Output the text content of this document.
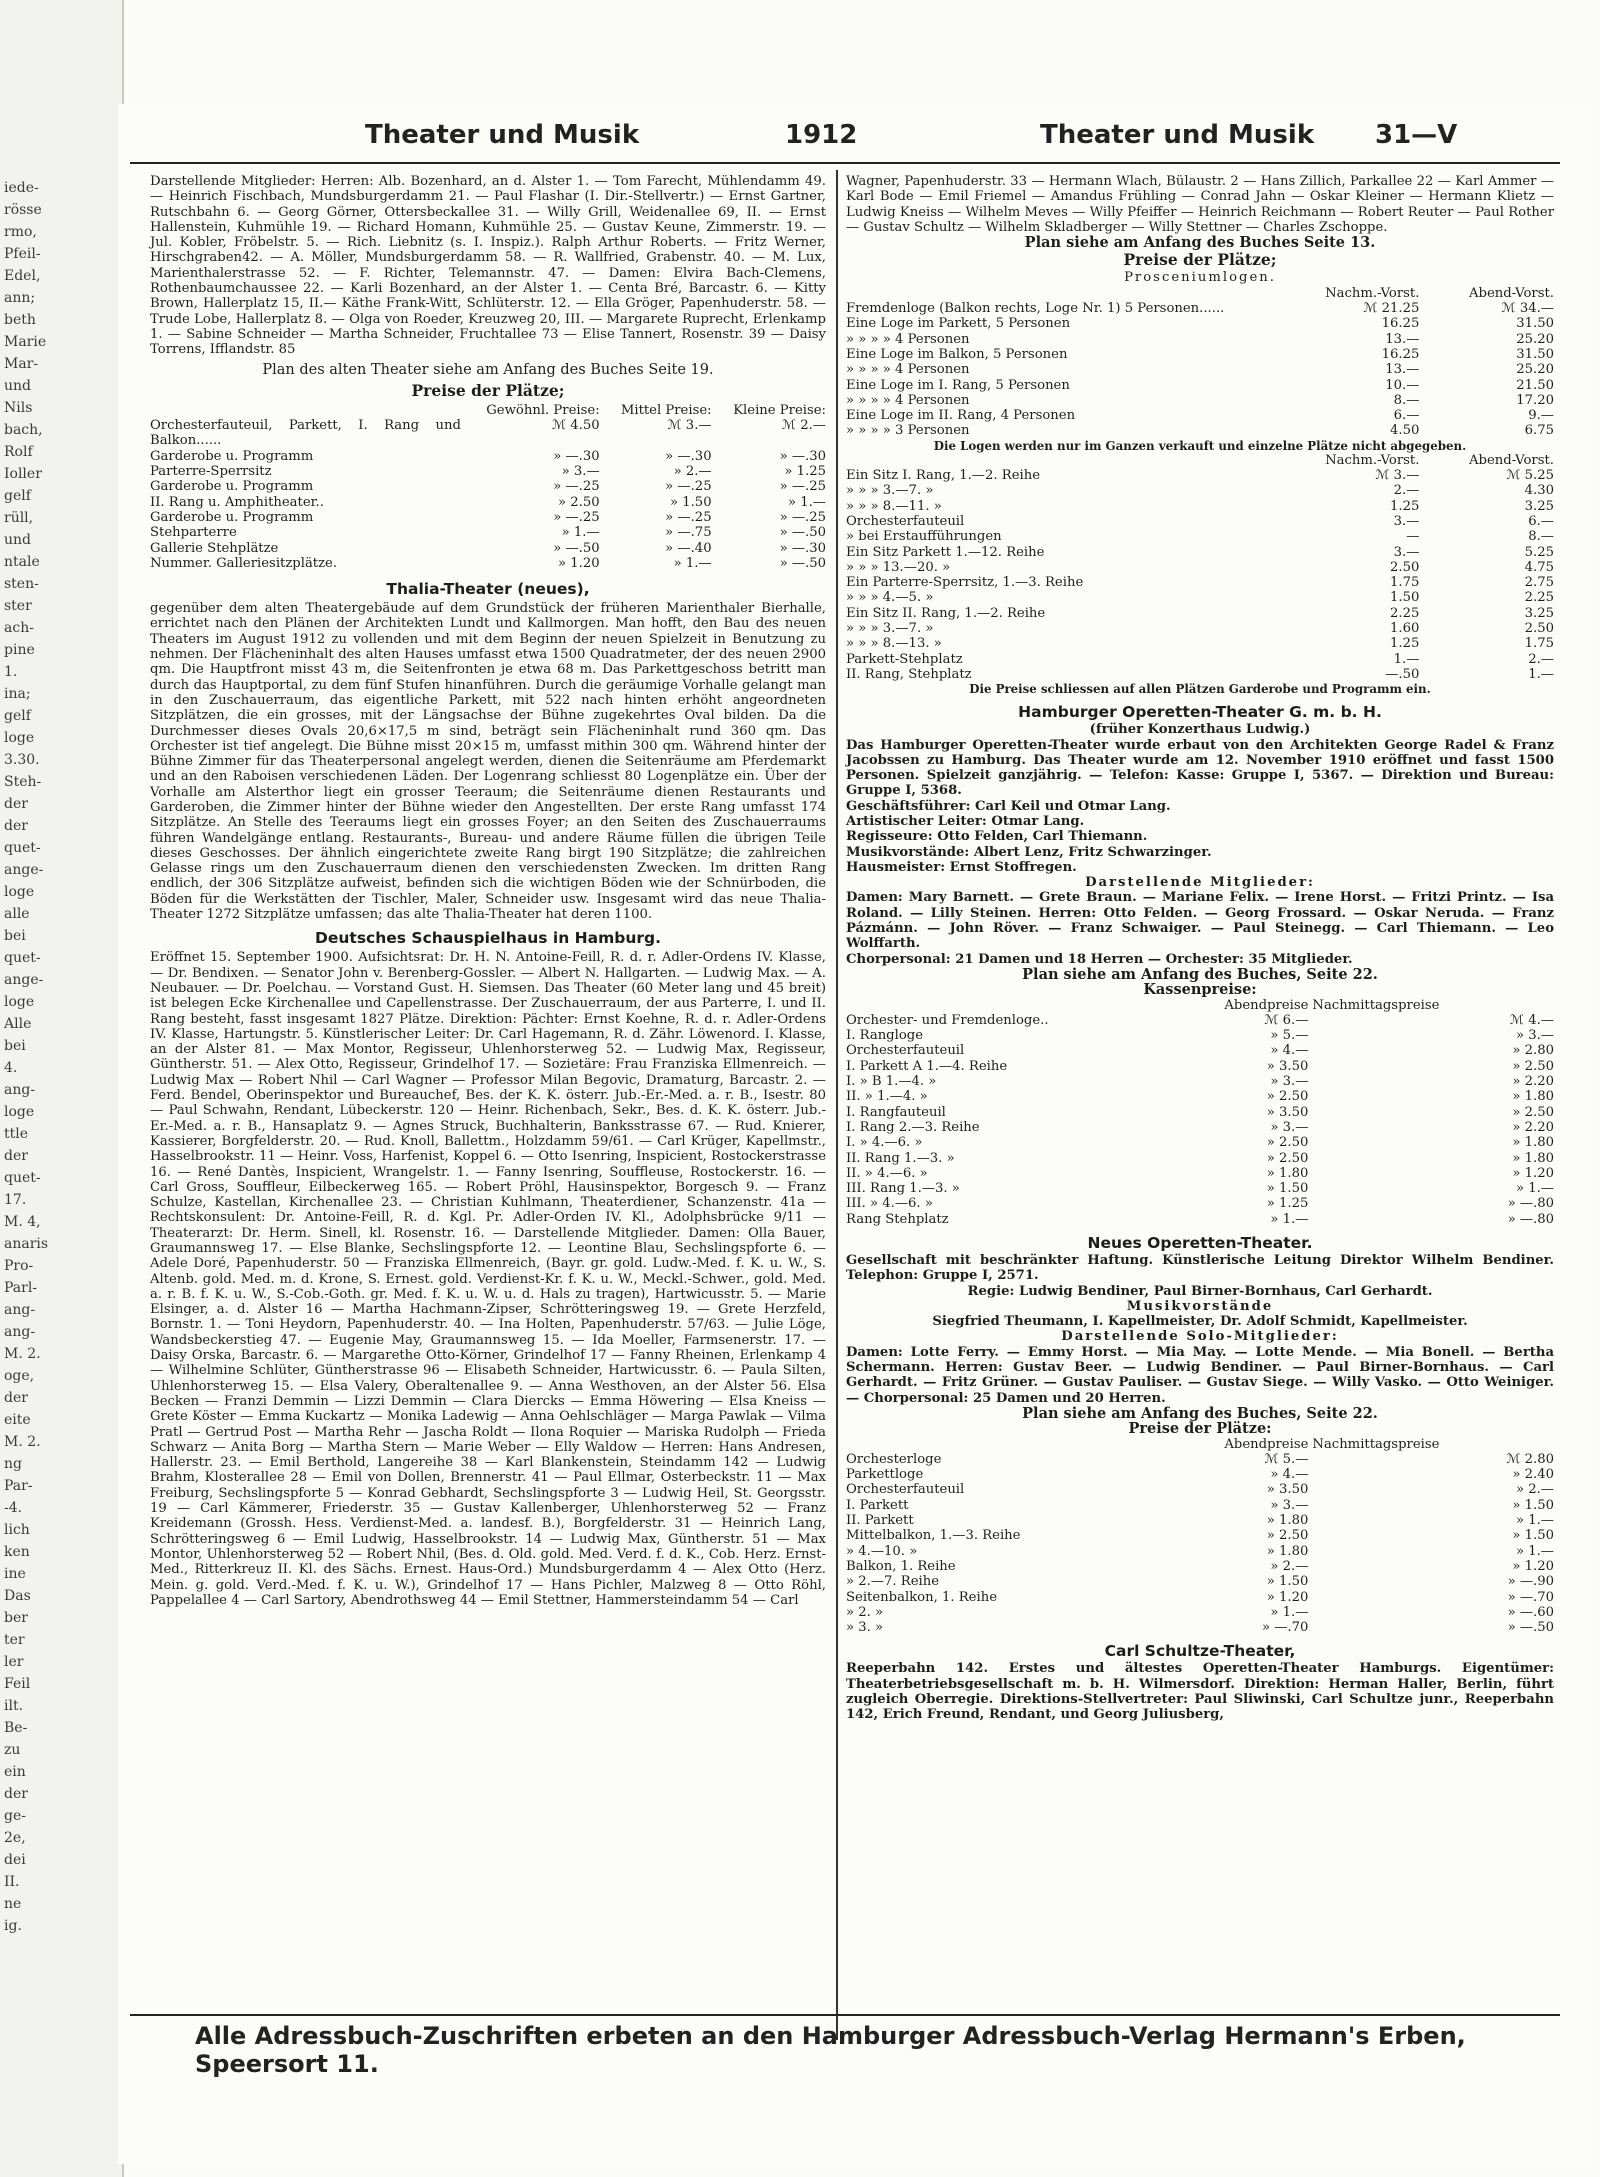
iede-
rösse
rmo,
Pfeil-
Edel,
ann;
beth
Marie
Mar-
und
Nils
bach,
Rolf
Ioller
gelf
rüll,
und
ntale
sten-
ster
ach-
pine
1.
ina;
gelf
loge
3.30.
Steh-
der
der
quet-
ange-
loge
alle
bei
quet-
ange-
loge
Alle
bei
4.
ang-
loge
ttle
der
quet-
17.
M. 4,
anaris
Pro-
Parl-
ang-
ang-
M. 2.
oge,
der
eite
M. 2.
ng
Par-
-4.
lich
ken
ine
Das
ber
ter
ler
Feil
ilt.
Be-
zu
ein
der
ge-
2e,
dei
II.
ne
ig.
Theater und Musik	1912	Theater und Musik 31—V

Darstellende Mitglieder: Herren: Alb. Bozenhard, an d. Alster 1. — Tom Farecht, Mühlendamm 49. — Heinrich Fischbach, Mundsburgerdamm 21. — Paul Flashar (I. Dir.-Stellvertr.) — Ernst Gartner, Rutschbahn 6. — Georg Görner, Ottersbeckallee 31. — Willy Grill, Weidenallee 69, II. — Ernst Hallenstein, Kuhmühle 19. — Richard Homann, Kuhmühle 25. — Gustav Keune, Zimmerstr. 19. — Jul. Kobler, Fröbelstr. 5. — Rich. Liebnitz (s. I. Inspiz.). Ralph Arthur Roberts. — Fritz Werner, Hirschgraben42. — A. Möller, Mundsburgerdamm 58. — R. Wallfried, Grabenstr. 40. — M. Lux, Marienthalerstrasse 52. — F. Richter, Telemannstr. 47. — Damen: Elvira Bach-Clemens, Rothenbaumchaussee 22. — Karli Bozenhard, an der Alster 1. — Centa Bré, Barcastr. 6. — Kitty Brown, Hallerplatz 15, II.— Käthe Frank-Witt, Schlüterstr. 12. — Ella Gröger, Papenhuderstr. 58. — Trude Lobe, Hallerplatz 8. — Olga von Roeder, Kreuzweg 20, III. — Margarete Ruprecht, Erlenkamp 1. — Sabine Schneider — Martha Schneider, Fruchtallee 73 — Elise Tannert, Rosenstr. 39 — Daisy Torrens, Ifflandstr. 85

Plan des alten Theater siehe am Anfang des Buches Seite 19.
Preise der Plätze;
	Gewöhnl. Preise:	Mittel Preise:	Kleine Preise:
Orchesterfauteuil, Parkett, I. Rang und Balkon......	ℳ 4.50	ℳ 3.—	ℳ 2.—
Garderobe u. Programm	» —.30	» —.30	» —.30
Parterre-Sperrsitz	» 3.—	» 2.—	» 1.25
Garderobe u. Programm	» —.25	» —.25	» —.25
II. Rang u. Amphitheater..	» 2.50	» 1.50	» 1.—
Garderobe u. Programm	» —.25	» —.25	» —.25
Stehparterre	» 1.—	» —.75	» —.50
Gallerie Stehplätze	» —.50	» —.40	» —.30
Nummer. Galleriesitzplätze.	» 1.20	» 1.—	» —.50
Thalia-Theater (neues),

gegenüber dem alten Theatergebäude auf dem Grundstück der früheren Marienthaler Bierhalle, errichtet nach den Plänen der Architekten Lundt und Kallmorgen. Man hofft, den Bau des neuen Theaters im August 1912 zu vollenden und mit dem Beginn der neuen Spielzeit in Benutzung zu nehmen. Der Flächeninhalt des alten Hauses umfasst etwa 1500 Quadratmeter, der des neuen 2900 qm. Die Hauptfront misst 43 m, die Seitenfronten je etwa 68 m. Das Parkettgeschoss betritt man durch das Hauptportal, zu dem fünf Stufen hinanführen. Durch die geräumige Vorhalle gelangt man in den Zuschauerraum, das eigentliche Parkett, mit 522 nach hinten erhöht angeordneten Sitzplätzen, die ein grosses, mit der Längsachse der Bühne zugekehrtes Oval bilden. Da die Durchmesser dieses Ovals 20,6×17,5 m sind, beträgt sein Flächeninhalt rund 360 qm. Das Orchester ist tief angelegt. Die Bühne misst 20×15 m, umfasst mithin 300 qm. Während hinter der Bühne Zimmer für das Theaterpersonal angelegt werden, dienen die Seitenräume am Pferdemarkt und an den Raboisen verschiedenen Läden. Der Logenrang schliesst 80 Logenplätze ein. Über der Vorhalle am Alsterthor liegt ein grosser Teeraum; die Seitenräume dienen Restaurants und Garderoben, die Zimmer hinter der Bühne wieder den Angestellten. Der erste Rang umfasst 174 Sitzplätze. An Stelle des Teeraums liegt ein grosses Foyer; an den Seiten des Zuschauerraums führen Wandelgänge entlang. Restaurants-, Bureau- und andere Räume füllen die übrigen Teile dieses Geschosses. Der ähnlich eingerichtete zweite Rang birgt 190 Sitzplätze; die zahlreichen Gelasse rings um den Zuschauerraum dienen den verschiedensten Zwecken. Im dritten Rang endlich, der 306 Sitzplätze aufweist, befinden sich die wichtigen Böden wie der Schnürboden, die Böden für die Werkstätten der Tischler, Maler, Schneider usw. Insgesamt wird das neue Thalia-Theater 1272 Sitzplätze umfassen; das alte Thalia-Theater hat deren 1100.

Deutsches Schauspielhaus in Hamburg.

Eröffnet 15. September 1900. Aufsichtsrat: Dr. H. N. Antoine-Feill, R. d. r. Adler-Ordens IV. Klasse, — Dr. Bendixen. — Senator John v. Berenberg-Gossler. — Albert N. Hallgarten. — Ludwig Max. — A. Neubauer. — Dr. Poelchau. — Vorstand Gust. H. Siemsen. Das Theater (60 Meter lang und 45 breit) ist belegen Ecke Kirchenallee und Capellenstrasse. Der Zuschauerraum, der aus Parterre, I. und II. Rang besteht, fasst insgesamt 1827 Plätze. Direktion: Pächter: Ernst Koehne, R. d. r. Adler-Ordens IV. Klasse, Hartungstr. 5. Künstlerischer Leiter: Dr. Carl Hagemann, R. d. Zähr. Löwenord. I. Klasse, an der Alster 81. — Max Montor, Regisseur, Uhlenhorsterweg 52. — Ludwig Max, Regisseur, Güntherstr. 51. — Alex Otto, Regisseur, Grindelhof 17. — Sozietäre: Frau Franziska Ellmenreich. — Ludwig Max — Robert Nhil — Carl Wagner — Professor Milan Begovic, Dramaturg, Barcastr. 2. — Ferd. Bendel, Oberinspektor und Bureauchef, Bes. der K. K. österr. Jub.-Er.-Med. a. r. B., Isestr. 80 — Paul Schwahn, Rendant, Lübeckerstr. 120 — Heinr. Richenbach, Sekr., Bes. d. K. K. österr. Jub.-Er.-Med. a. r. B., Hansaplatz 9. — Agnes Struck, Buchhalterin, Banksstrasse 67. — Rud. Knierer, Kassierer, Borgfelderstr. 20. — Rud. Knoll, Ballettm., Holzdamm 59/61. — Carl Krüger, Kapellmstr., Hasselbrookstr. 11 — Heinr. Voss, Harfenist, Koppel 6. — Otto Isenring, Inspicient, Rostockerstrasse 16. — René Dantès, Inspicient, Wrangelstr. 1. — Fanny Isenring, Souffleuse, Rostockerstr. 16. — Carl Gross, Souffleur, Eilbeckerweg 165. — Robert Pröhl, Hausinspektor, Borgesch 9. — Franz Schulze, Kastellan, Kirchenallee 23. — Christian Kuhlmann, Theaterdiener, Schanzenstr. 41a — Rechtskonsulent: Dr. Antoine-Feill, R. d. Kgl. Pr. Adler-Orden IV. Kl., Adolphsbrücke 9/11 — Theaterarzt: Dr. Herm. Sinell, kl. Rosenstr. 16. — Darstellende Mitglieder. Damen: Olla Bauer, Graumannsweg 17. — Else Blanke, Sechslingspforte 12. — Leontine Blau, Sechslingspforte 6. — Adele Doré, Papenhuderstr. 50 — Franziska Ellmenreich, (Bayr. gr. gold. Ludw.-Med. f. K. u. W., S. Altenb. gold. Med. m. d. Krone, S. Ernest. gold. Verdienst-Kr. f. K. u. W., Meckl.-Schwer., gold. Med. a. r. B. f. K. u. W., S.-Cob.-Goth. gr. Med. f. K. u. W. u. d. Hals zu tragen), Hartwicusstr. 5. — Marie Elsinger, a. d. Alster 16 — Martha Hachmann-Zipser, Schrötteringsweg 19. — Grete Herzfeld, Bornstr. 1. — Toni Heydorn, Papenhuderstr. 40. — Ina Holten, Papenhuderstr. 57/63. — Julie Löge, Wandsbeckerstieg 47. — Eugenie May, Graumannsweg 15. — Ida Moeller, Farmsenerstr. 17. — Daisy Orska, Barcastr. 6. — Margarethe Otto-Körner, Grindelhof 17 — Fanny Rheinen, Erlenkamp 4 — Wilhelmine Schlüter, Güntherstrasse 96 — Elisabeth Schneider, Hartwicusstr. 6. — Paula Silten, Uhlenhorsterweg 15. — Elsa Valery, Oberaltenallee 9. — Anna Westhoven, an der Alster 56. Elsa Becken — Franzi Demmin — Lizzi Demmin — Clara Diercks — Emma Höwering — Elsa Kneiss — Grete Köster — Emma Kuckartz — Monika Ladewig — Anna Oehlschläger — Marga Pawlak — Vilma Pratl — Gertrud Post — Martha Rehr — Jascha Roldt — Ilona Roquier — Mariska Rudolph — Frieda Schwarz — Anita Borg — Martha Stern — Marie Weber — Elly Waldow — Herren: Hans Andresen, Hallerstr. 23. — Emil Berthold, Langereihe 38 — Karl Blankenstein, Steindamm 142 — Ludwig Brahm, Klosterallee 28 — Emil von Dollen, Brennerstr. 41 — Paul Ellmar, Osterbeckstr. 11 — Max Freiburg, Sechslingspforte 5 — Konrad Gebhardt, Sechslingspforte 3 — Ludwig Heil, St. Georgsstr. 19 — Carl Kämmerer, Friederstr. 35 — Gustav Kallenberger, Uhlenhorsterweg 52 — Franz Kreidemann (Grossh. Hess. Verdienst-Med. a. landesf. B.), Borgfelderstr. 31 — Heinrich Lang, Schrötteringsweg 6 — Emil Ludwig, Hasselbrookstr. 14 — Ludwig Max, Güntherstr. 51 — Max Montor, Uhlenhorsterweg 52 — Robert Nhil, (Bes. d. Old. gold. Med. Verd. f. d. K., Cob. Herz. Ernst-Med., Ritterkreuz II. Kl. des Sächs. Ernest. Haus-Ord.) Mundsburgerdamm 4 — Alex Otto (Herz. Mein. g. gold. Verd.-Med. f. K. u. W.), Grindelhof 17 — Hans Pichler, Malzweg 8 — Otto Röhl, Pappelallee 4 — Carl Sartory, Abendrothsweg 44 — Emil Stettner, Hammersteindamm 54 — Carl

Wagner, Papenhuderstr. 33 — Hermann Wlach, Bülaustr. 2 — Hans Zillich, Parkallee 22 — Karl Ammer — Karl Bode — Emil Friemel — Amandus Frühling — Conrad Jahn — Oskar Kleiner — Hermann Klietz — Ludwig Kneiss — Wilhelm Meves — Willy Pfeiffer — Heinrich Reichmann — Robert Reuter — Paul Rother — Gustav Schultz — Wilhelm Skladberger — Willy Stettner — Charles Zschoppe.

Plan siehe am Anfang des Buches Seite 13.
Preise der Plätze;
Prosceniumlogen.
	Nachm.-Vorst.	Abend-Vorst.
Fremdenloge (Balkon rechts, Loge Nr. 1) 5 Personen......	ℳ 21.25	ℳ 34.—
Eine Loge im Parkett, 5 Personen	16.25	31.50
» » » » 4 Personen	13.—	25.20
Eine Loge im Balkon, 5 Personen	16.25	31.50
» » » » 4 Personen	13.—	25.20
Eine Loge im I. Rang, 5 Personen	10.—	21.50
» » » » 4 Personen	8.—	17.20
Eine Loge im II. Rang, 4 Personen	6.—	9.—
» » » » 3 Personen	4.50	6.75
Die Logen werden nur im Ganzen verkauft und einzelne Plätze nicht abgegeben.
	Nachm.-Vorst.	Abend-Vorst.
Ein Sitz I. Rang, 1.—2. Reihe	ℳ 3.—	ℳ 5.25
» » » 3.—7. »	2.—	4.30
» » » 8.—11. »	1.25	3.25
Orchesterfauteuil	3.—	6.—
» bei Erstaufführungen	—	8.—
Ein Sitz Parkett 1.—12. Reihe	3.—	5.25
» » » 13.—20. »	2.50	4.75
Ein Parterre-Sperrsitz, 1.—3. Reihe	1.75	2.75
» » » 4.—5. »	1.50	2.25
Ein Sitz II. Rang, 1.—2. Reihe	2.25	3.25
» » » 3.—7. »	1.60	2.50
» » » 8.—13. »	1.25	1.75
Parkett-Stehplatz	1.—	2.—
II. Rang, Stehplatz	—.50	1.—
Die Preise schliessen auf allen Plätzen Garderobe und Programm ein.
Hamburger Operetten-Theater G. m. b. H.
(früher Konzerthaus Ludwig.)

Das Hamburger Operetten-Theater wurde erbaut von den Architekten George Radel & Franz Jacobssen zu Hamburg. Das Theater wurde am 12. November 1910 eröffnet und fasst 1500 Personen. Spielzeit ganzjährig. — Telefon: Kasse: Gruppe I, 5367. — Direktion und Bureau: Gruppe I, 5368.

Geschäftsführer: Carl Keil und Otmar Lang.

Artistischer Leiter: Otmar Lang.

Regisseure: Otto Felden, Carl Thiemann.

Musikvorstände: Albert Lenz, Fritz Schwarzinger.

Hausmeister: Ernst Stoffregen.

Darstellende Mitglieder:

Damen: Mary Barnett. — Grete Braun. — Mariane Felix. — Irene Horst. — Fritzi Printz. — Isa Roland. — Lilly Steinen. Herren: Otto Felden. — Georg Frossard. — Oskar Neruda. — Franz Pázmánn. — John Röver. — Franz Schwaiger. — Paul Steinegg. — Carl Thiemann. — Leo Wolffarth.

Chorpersonal: 21 Damen und 18 Herren — Orchester: 35 Mitglieder.

Plan siehe am Anfang des Buches, Seite 22.
Kassenpreise:
	Abendpreise	Nachmittagspreise
Orchester- und Fremdenloge..	ℳ 6.—	ℳ 4.—
I. Rangloge	» 5.—	» 3.—
Orchesterfauteuil	» 4.—	» 2.80
I. Parkett A 1.—4. Reihe	» 3.50	» 2.50
I. » B 1.—4. »	» 3.—	» 2.20
II. » 1.—4. »	» 2.50	» 1.80
I. Rangfauteuil	» 3.50	» 2.50
I. Rang 2.—3. Reihe	» 3.—	» 2.20
I. » 4.—6. »	» 2.50	» 1.80
II. Rang 1.—3. »	» 2.50	» 1.80
II. » 4.—6. »	» 1.80	» 1.20
III. Rang 1.—3. »	» 1.50	» 1.—
III. » 4.—6. »	» 1.25	» —.80
Rang Stehplatz	» 1.—	» —.80
Neues Operetten-Theater.

Gesellschaft mit beschränkter Haftung. Künstlerische Leitung Direktor Wilhelm Bendiner. Telephon: Gruppe I, 2571.

Regie: Ludwig Bendiner, Paul Birner-Bornhaus, Carl Gerhardt.

Musikvorstände

Siegfried Theumann, I. Kapellmeister, Dr. Adolf Schmidt, Kapellmeister.

Darstellende Solo-Mitglieder:

Damen: Lotte Ferry. — Emmy Horst. — Mia May. — Lotte Mende. — Mia Bonell. — Bertha Schermann. Herren: Gustav Beer. — Ludwig Bendiner. — Paul Birner-Bornhaus. — Carl Gerhardt. — Fritz Grüner. — Gustav Pauliser. — Gustav Siege. — Willy Vasko. — Otto Weiniger. — Chorpersonal: 25 Damen und 20 Herren.

Plan siehe am Anfang des Buches, Seite 22.
Preise der Plätze:
	Abendpreise	Nachmittagspreise
Orchesterloge	ℳ 5.—	ℳ 2.80
Parkettloge	» 4.—	» 2.40
Orchesterfauteuil	» 3.50	» 2.—
I. Parkett	» 3.—	» 1.50
II. Parkett	» 1.80	» 1.—
Mittelbalkon, 1.—3. Reihe	» 2.50	» 1.50
» 4.—10. »	» 1.80	» 1.—
Balkon, 1. Reihe	» 2.—	» 1.20
» 2.—7. Reihe	» 1.50	» —.90
Seitenbalkon, 1. Reihe	» 1.20	» —.70
» 2. »	» 1.—	» —.60
» 3. »	» —.70	» —.50
Carl Schultze-Theater,

Reeperbahn 142. Erstes und ältestes Operetten-Theater Hamburgs. Eigentümer: Theaterbetriebsgesellschaft m. b. H. Wilmersdorf. Direktion: Herman Haller, Berlin, führt zugleich Oberregie. Direktions-Stellvertreter: Paul Sliwinski, Carl Schultze junr., Reeperbahn 142, Erich Freund, Rendant, und Georg Juliusberg,

Alle Adressbuch-Zuschriften erbeten an den Hamburger Adressbuch-Verlag Hermann's Erben, Speersort 11.
